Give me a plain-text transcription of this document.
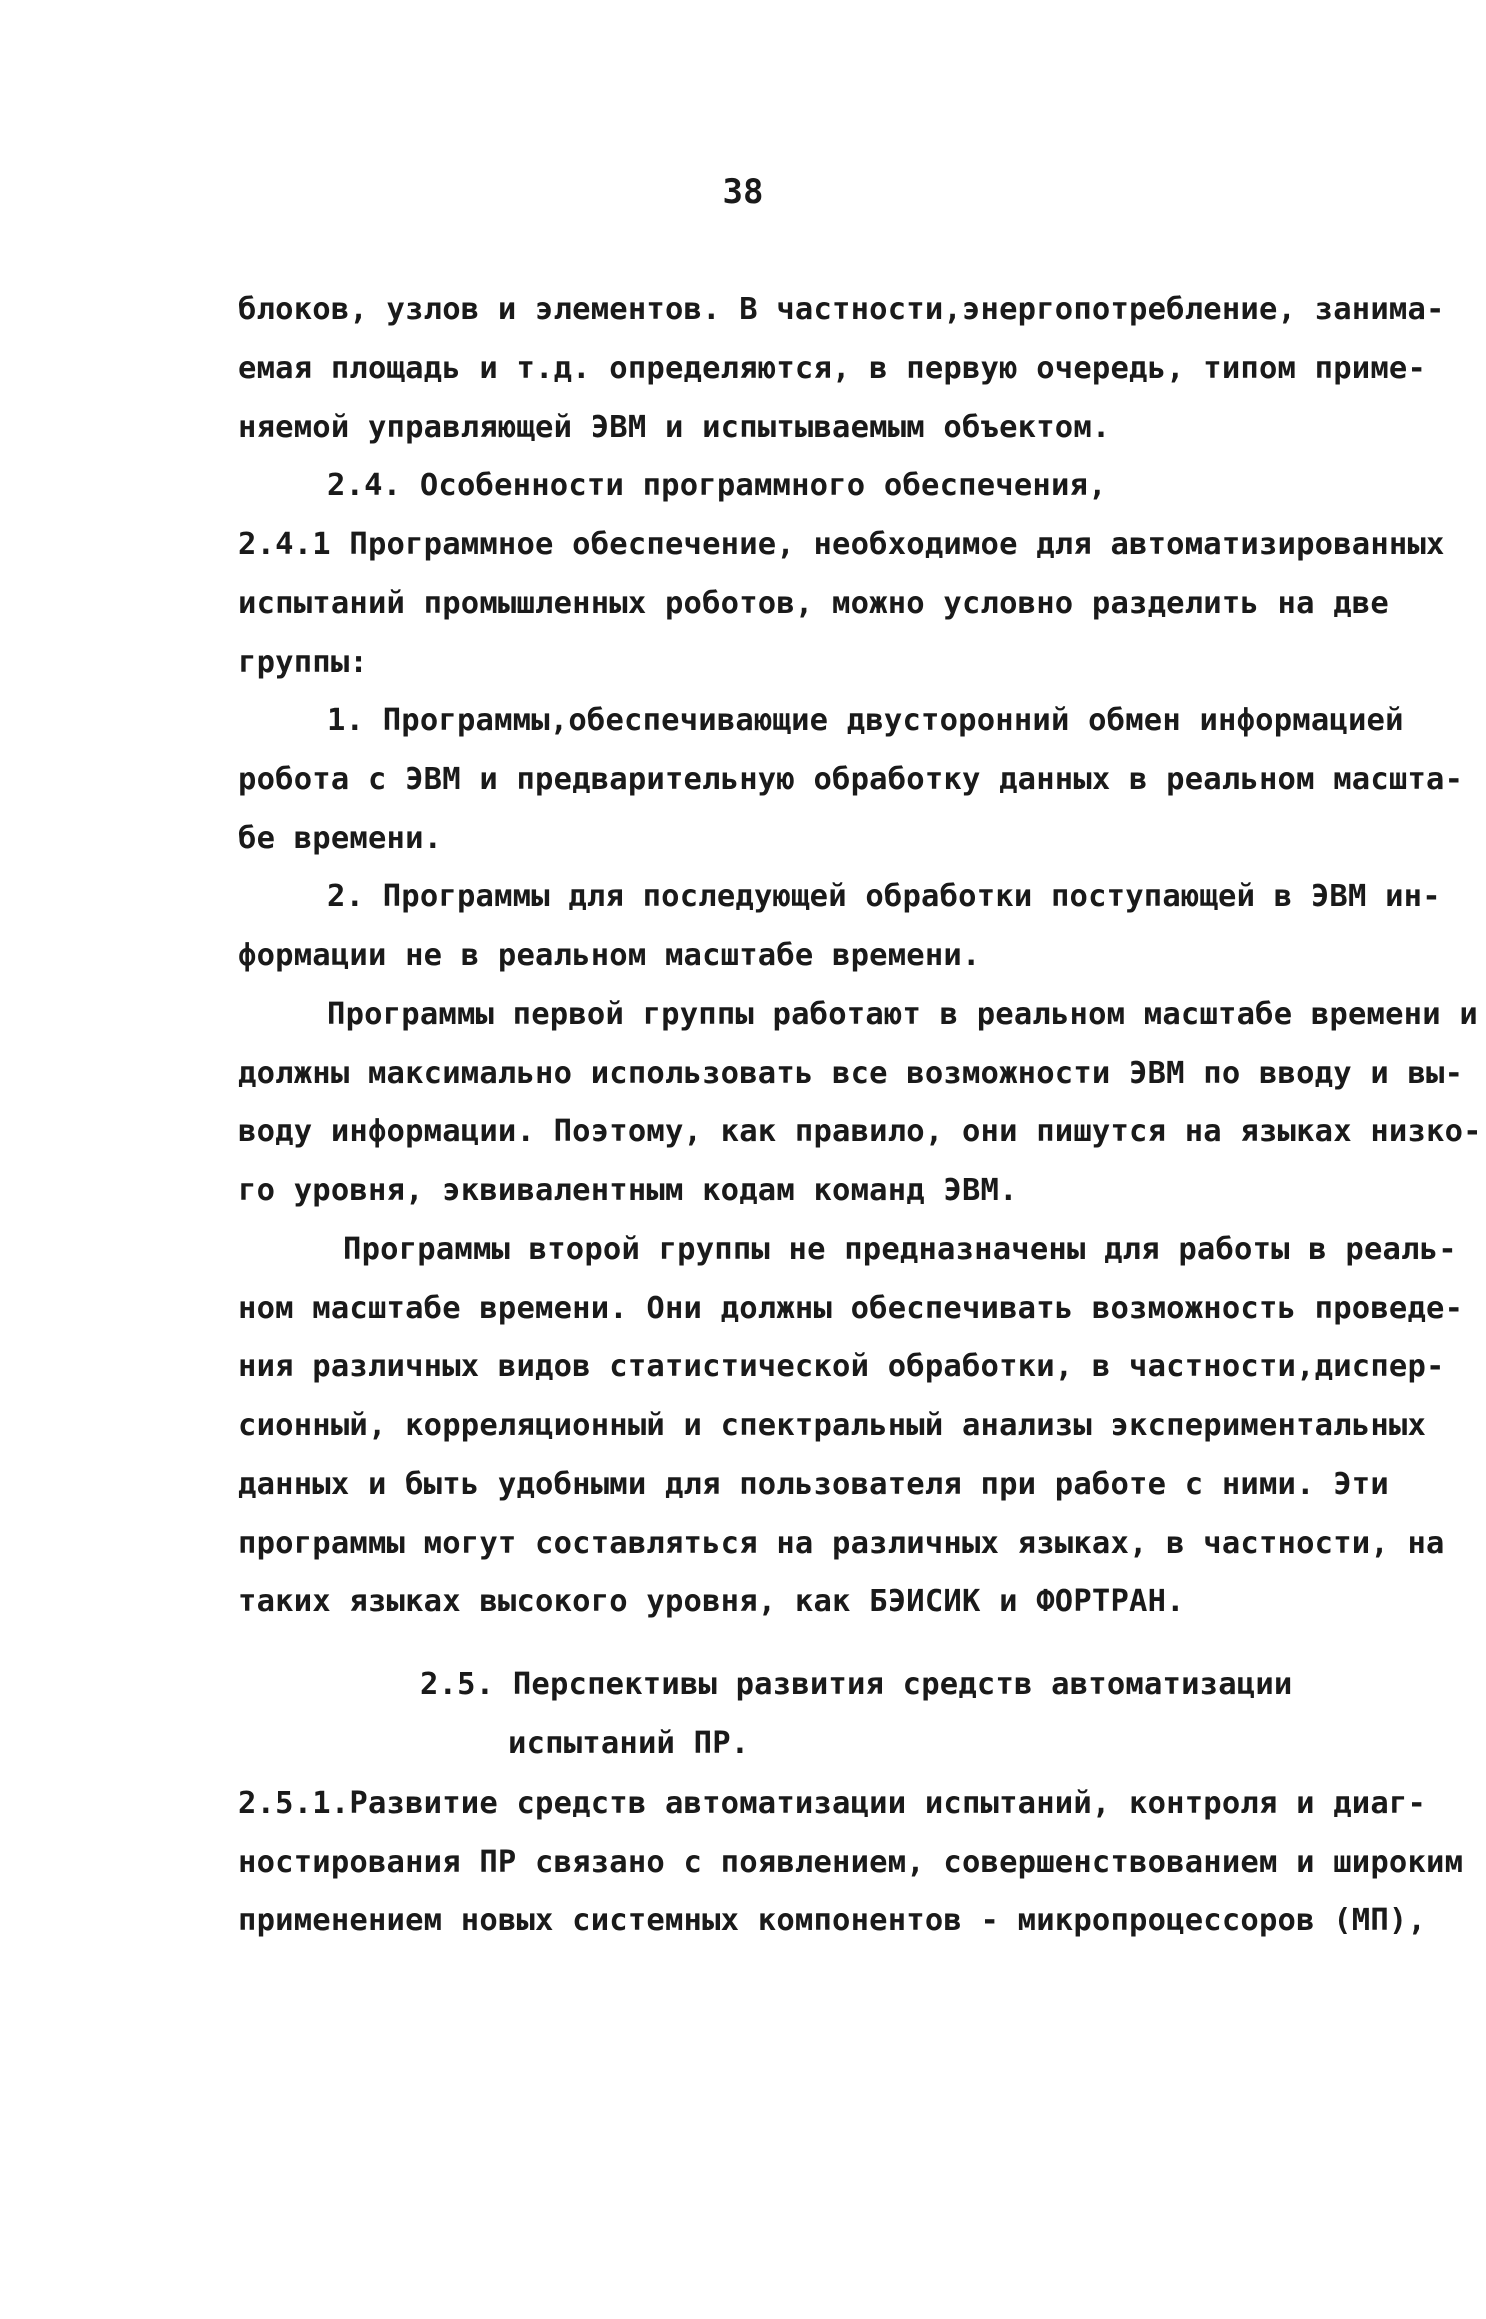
38
блоков, узлов и элементов. В частности,энергопотребление, занима-
емая площадь и т.д. определяются, в первую очередь, типом приме-
няемой управляющей ЭВМ и испытываемым объектом.
2.4. Особенности программного обеспечения,
2.4.1 Программное обеспечение, необходимое для автоматизированных
испытаний промышленных роботов, можно условно разделить на две
группы:
1. Программы,обеспечивающие двусторонний обмен информацией
робота с ЭВМ и предварительную обработку данных в реальном масшта-
бе времени.
2. Программы для последующей обработки поступающей в ЭВМ ин-
формации не в реальном масштабе времени.
Программы первой группы работают в реальном масштабе времени и
должны максимально использовать все возможности ЭВМ по вводу и вы-
воду информации. Поэтому, как правило, они пишутся на языках низко-
го уровня, эквивалентным кодам команд ЭВМ.
Программы второй группы не предназначены для работы в реаль-
ном масштабе времени. Они должны обеспечивать возможность проведе-
ния различных видов статистической обработки, в частности,диспер-
сионный, корреляционный и спектральный анализы экспериментальных
данных и быть удобными для пользователя при работе с ними. Эти
программы могут составляться на различных языках, в частности, на
таких языках высокого уровня, как БЭИСИК и ФОРТРАН.
2.5. Перспективы развития средств автоматизации
испытаний ПР.
2.5.1.Развитие средств автоматизации испытаний, контроля и диаг-
ностирования ПР связано с появлением, совершенствованием и широким
применением новых системных компонентов - микропроцессоров (МП),
